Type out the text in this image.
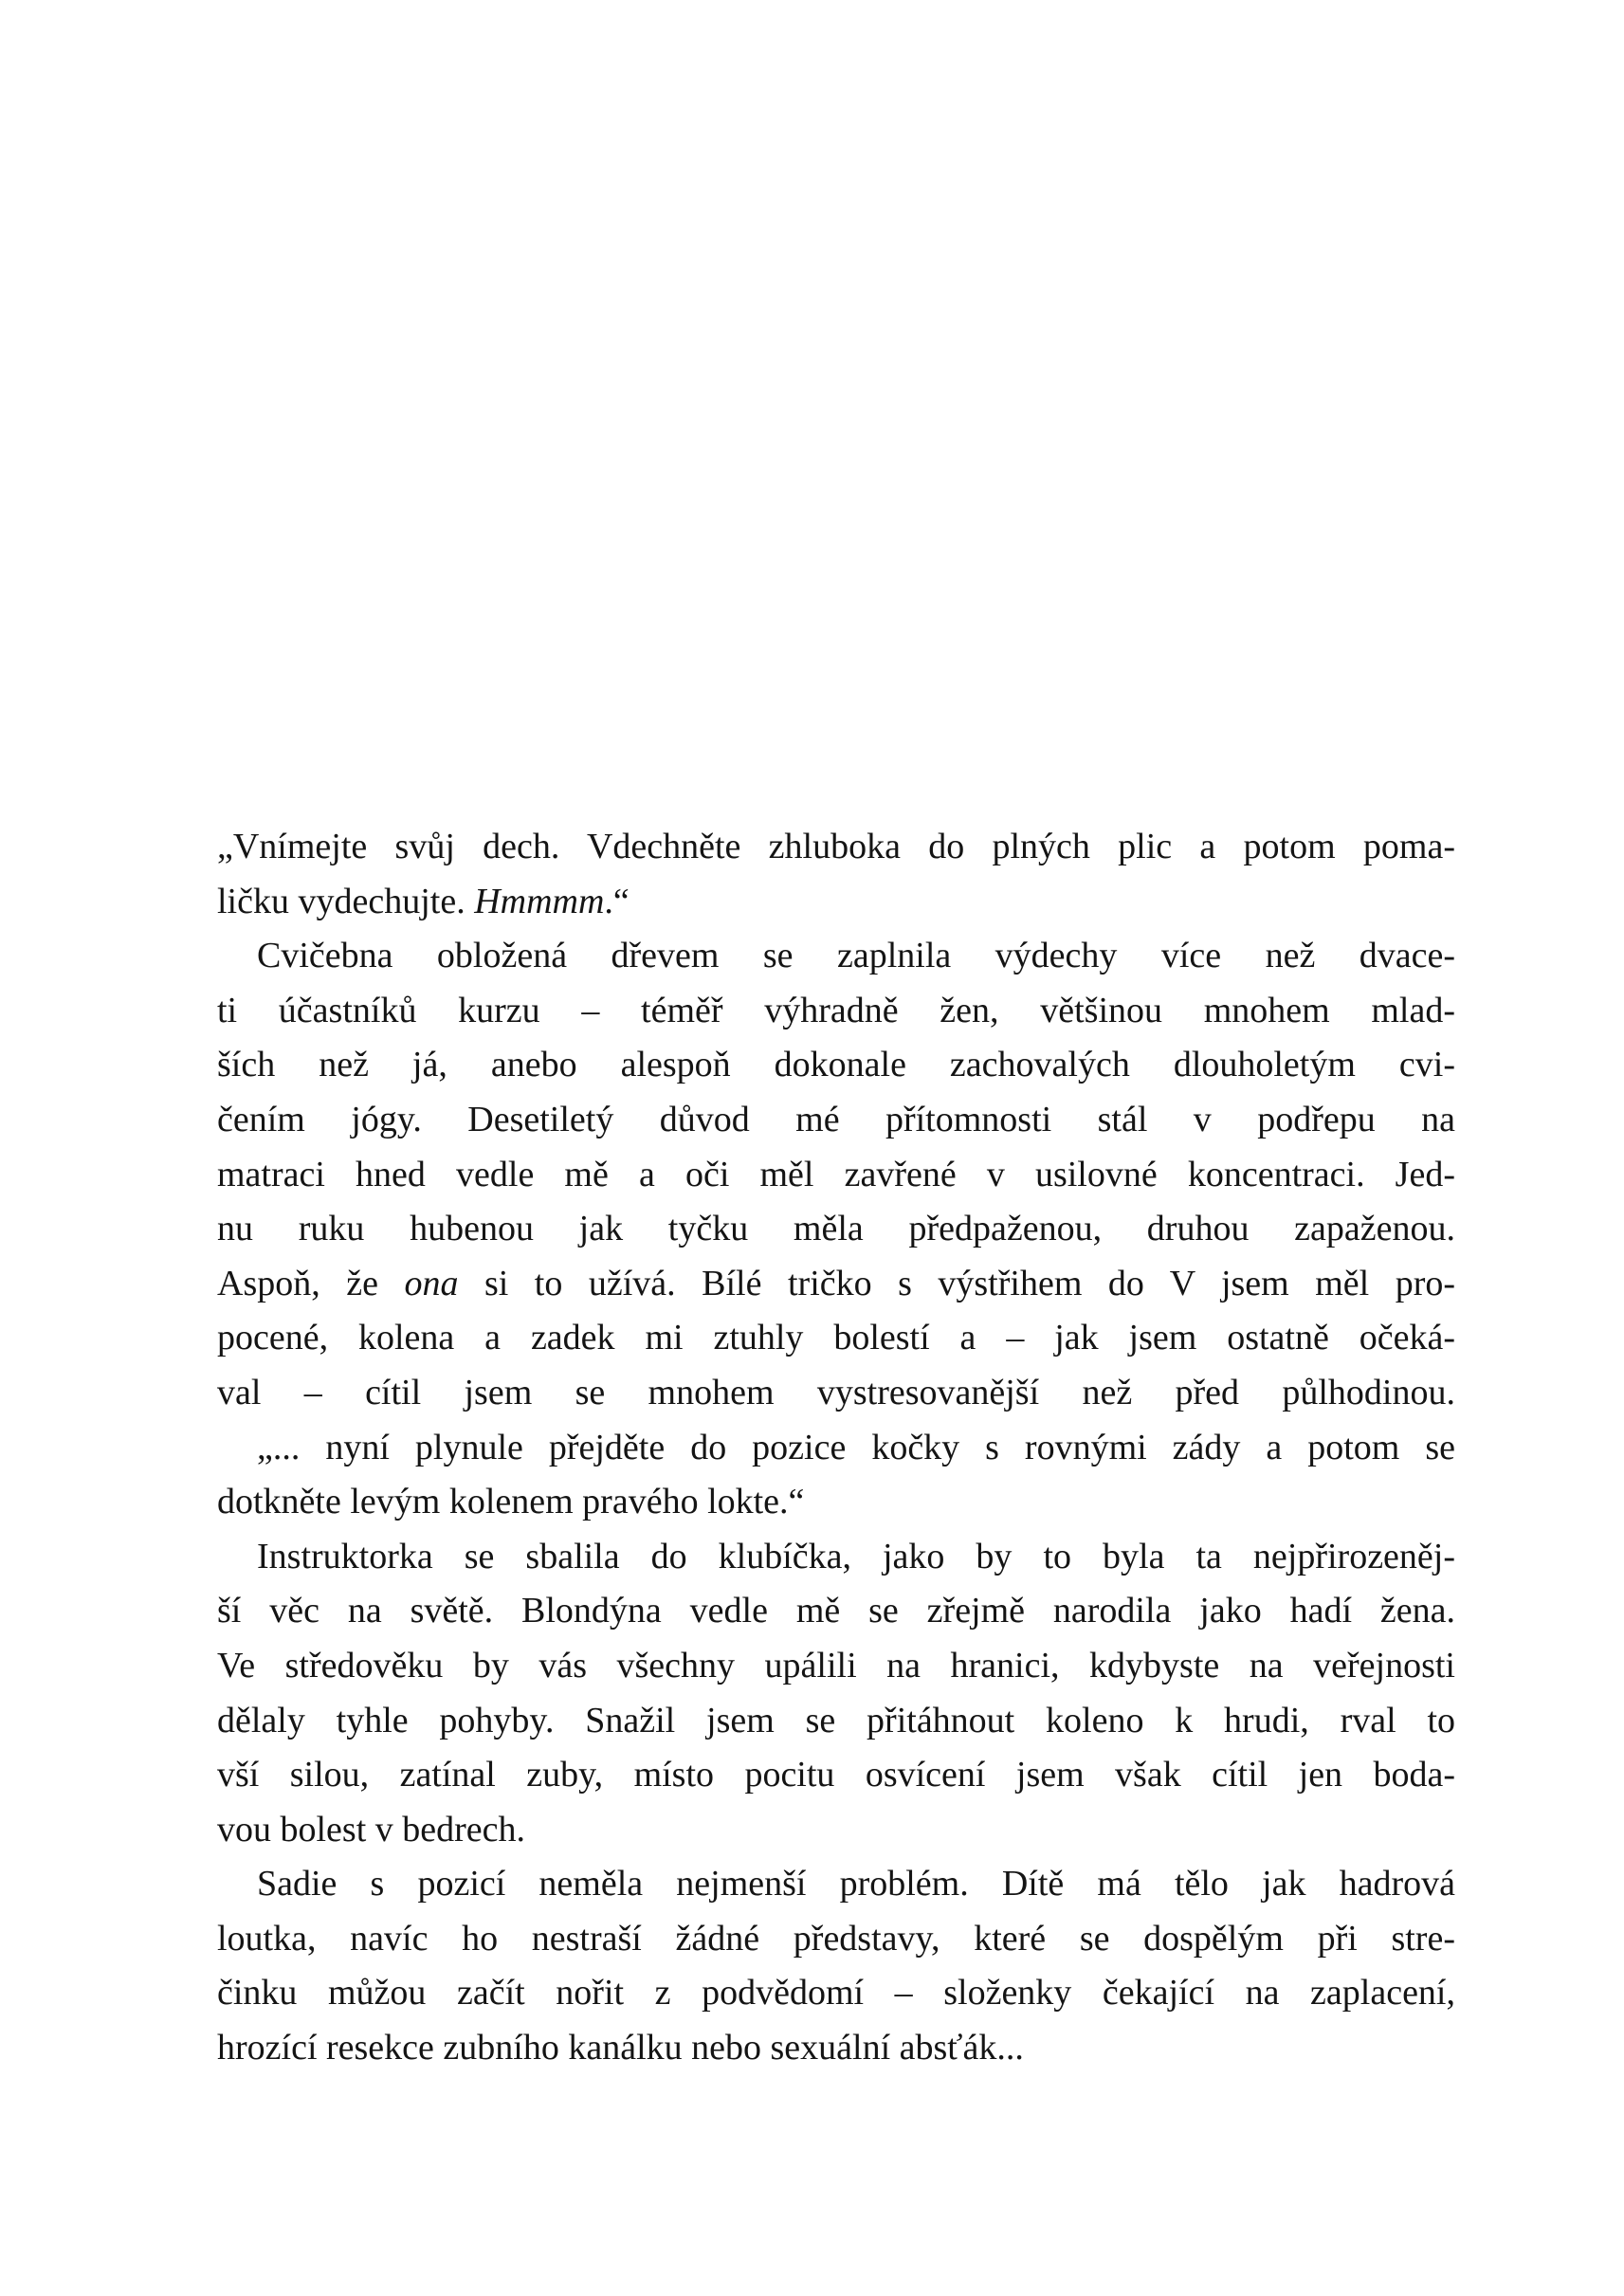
„Vnímejte svůj dech. Vdechněte zhluboka do plných plic a potom poma-
ličku vydechujte. Hmmmm.“
Cvičebna obložená dřevem se zaplnila výdechy více než dvace-
ti účastníků kurzu – téměř výhradně žen, většinou mnohem mlad-
ších než já, anebo alespoň dokonale zachovalých dlouholetým cvi-
čením jógy. Desetiletý důvod mé přítomnosti stál v podřepu na
matraci hned vedle mě a oči měl zavřené v usilovné koncentraci. Jed-
nu ruku hubenou jak tyčku měla předpaženou, druhou zapaženou.
Aspoň, že ona si to užívá. Bílé tričko s výstřihem do V jsem měl pro-
pocené, kolena a zadek mi ztuhly bolestí a – jak jsem ostatně očeká-
val – cítil jsem se mnohem vystresovanější než před půlhodinou.
„... nyní plynule přejděte do pozice kočky s rovnými zády a potom se
dotkněte levým kolenem pravého lokte.“
Instruktorka se sbalila do klubíčka, jako by to byla ta nejpřirozeněj-
ší věc na světě. Blondýna vedle mě se zřejmě narodila jako hadí žena.
Ve středověku by vás všechny upálili na hranici, kdybyste na veřejnosti
dělaly tyhle pohyby. Snažil jsem se přitáhnout koleno k hrudi, rval to
vší silou, zatínal zuby, místo pocitu osvícení jsem však cítil jen boda-
vou bolest v bedrech.
Sadie s pozicí neměla nejmenší problém. Dítě má tělo jak hadrová
loutka, navíc ho nestraší žádné představy, které se dospělým při stre-
činku můžou začít nořit z podvědomí – složenky čekající na zaplacení,
hrozící resekce zubního kanálku nebo sexuální absťák...
